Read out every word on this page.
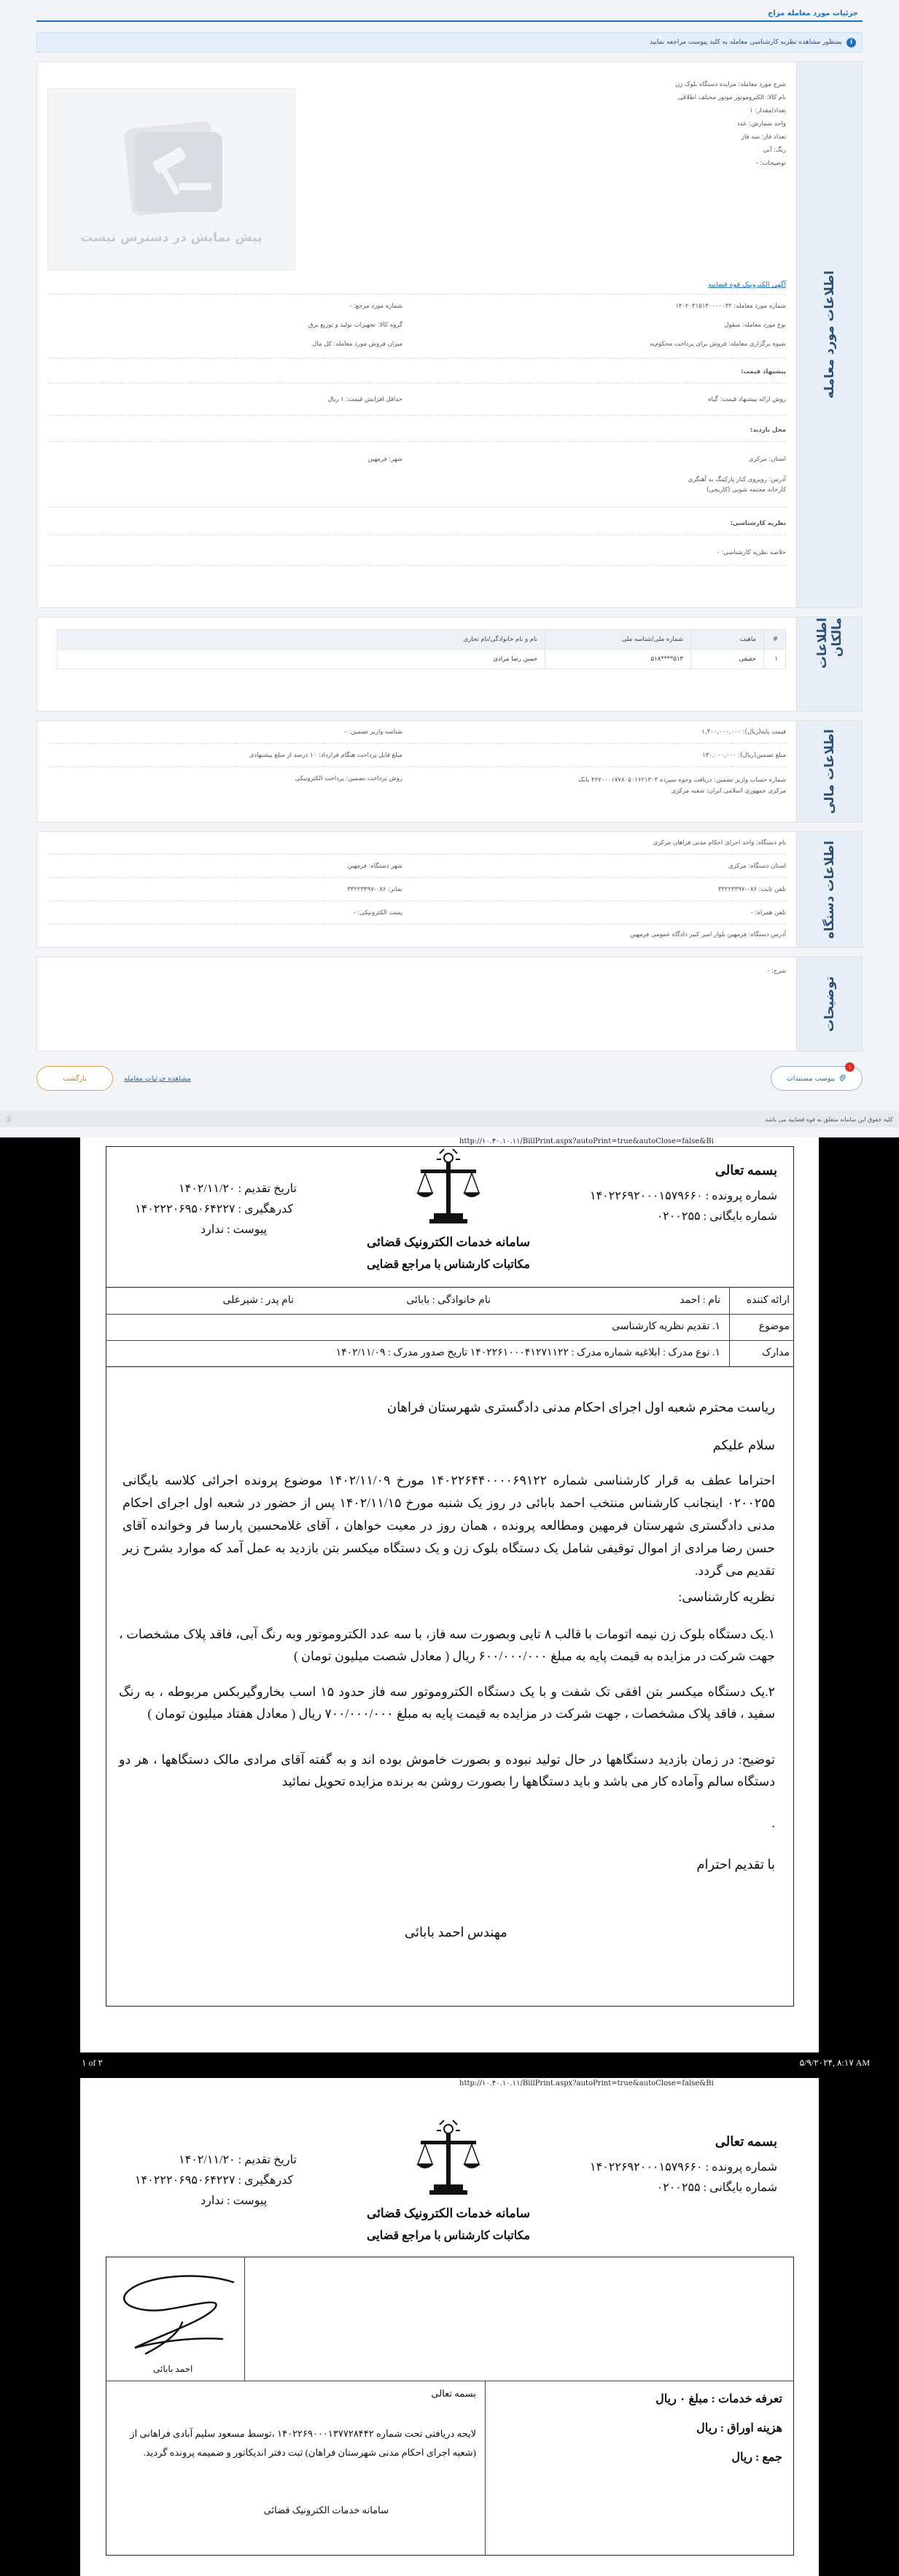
جزئیات مورد معامله مزاج
i
بمنظور مشاهده نظریه کارشناسی معامله به کلید پیوست مراجعه نمایید
اطلاعات مورد معامله
شرح مورد معامله: مزایده دستگاه بلوک زن
نام کالا: الکتروموتور موتور مختلف اطلاقی
تعداد/مقدار: ۱
واحد شمارش: عدد
تعداد فاز: سه فاز
رنگ: آبی
توضیحات: -
پیش نمایش در دسترس نیست
آگهی الکترونیک قوه قضاییه
شماره مورد معامله: ۱۴۰۲۰۳۱۵۱۳۰۰۰۰۰۳۲
شماره مورد مرجع: -
نوع مورد معامله: منقول
گروه کالا: تجهیزات تولید و توزیع برق
شیوه برگزاری معامله: فروش برای پرداخت محکوم‌به
میزان فروش مورد معامله: کل مال
پیشنهاد قیمت:
روش ارائه پیشنهاد قیمت: گیاه
حداقل افزایش قیمت: ۱ ریال
محل بازدید:
استان: مرکزی
شهر: فرمهین
آدرس: روبروی کنار پارکینگ به آهنگری کارخانه مجتمه شوبی (کاریجی)
نظریه کارشناسی:
خلاصه نظریه کارشناسی: -
اطلاعات مالکان
#	ماهیت	شماره ملی/شناسه ملی	نام و نام خانوادگی/نام تجاری
۱	حقیقی	۵۱۳****۵۱۸	حسن رضا مرادی
اطلاعات مالی
قیمت پایه(ریال): ۱,۳۰۰,۰۰۰,۰۰۰
شناسه واریز تضمین: -
مبلغ تضمین(ریال): ۱۳۰,۰۰۰,۰۰۰
مبلغ قابل پرداخت هنگام قرارداد: ۱۰ درصد از مبلغ پیشنهادی
شماره حساب واریز تضمین: دریافت وجوه سپرده ۴۲۷۰۰۰۱۷۷۸۰۵۰۱۶۲۱۳۰۳ بانک مرکزی جمهوری اسلامی ایران: شعبه مرکزی
روش پرداخت تضمین: پرداخت الکترونیکی
اطلاعات دستگاه
نام دستگاه: واحد اجرای احکام مدنی فراهان مرکزی
استان دستگاه: مرکزی
شهر دستگاه: فرمهین
تلفن ثابت: ۰۸۶-۳۳۲۲۳۳۹۷
نمابر: ۰۸۶-۳۳۲۲۳۳۹۷
تلفن همراه: -
پست الکترونیکی: -
آدرس دستگاه: فرمهین بلوار امیر کبیر دادگاه عمومی فرمهین
توضیحات
شرح: -
۱
پیوست مستندات
مشاهده جزئیات معامله
بازگشت
کلیه حقوق این سامانه متعلق به قوه قضاییه می باشد
ⓘ
http://۱۰.۴۰.۱۰.۱۱/BillPrint.aspx?autoPrint=true&autoClose=false&Bi
بسمه تعالی
شماره پرونده : ۱۴۰۲۲۶۹۲۰۰۰۱۵۷۹۶۶۰
شماره بایگانی : ۰۲۰۰۲۵۵
سامانه خدمات الکترونیک قضائی
مکاتبات کارشناس با مراجع قضایی
تاریخ تقدیم : ۱۴۰۲/۱۱/۲۰
کدرهگیری : ۱۴۰۲۲۲۰۶۹۵۰۶۴۲۲۷
پیوست : ندارد
ارائه کننده
نام : احمد
نام خانوادگی : بابائی
نام پدر : شیرعلی
موضوع
۱. تقدیم نظریه کارشناسی
مدارک
۱. نوع مدرک : ابلاغیه شماره مدرک : ۱۴۰۲۲۶۱۰۰۰۴۱۲۷۱۱۲۲ تاریخ صدور مدرک : ۱۴۰۲/۱۱/۰۹
ریاست محترم شعبه اول اجرای احکام مدنی دادگستری شهرستان فراهان
سلام علیکم
احتراما عطف به قرار کارشناسی شماره ۱۴۰۲۲۶۴۴۰۰۰۰۶۹۱۲۲ مورخ ۱۴۰۲/۱۱/۰۹ موضوع پرونده اجرائی کلاسه بایگانی ۰۲۰۰۲۵۵ اینجانب کارشناس منتخب احمد بابائی در روز یک شنبه مورخ ۱۴۰۲/۱۱/۱۵ پس از حضور در شعبه اول اجرای احکام مدنی دادگستری شهرستان فرمهین ومطالعه پرونده ، همان روز در معیت خواهان ، آقای غلامحسین پارسا فر وخوانده آقای حسن رضا مرادی از اموال توقیفی شامل یک دستگاه بلوک زن و یک دستگاه میکسر بتن بازدید به عمل آمد که موارد بشرح زیر تقدیم می گردد.
نظریه کارشناسی:
۱.یک دستگاه بلوک زن نیمه اتومات با قالب ۸ تایی وبصورت سه فاز، با سه عدد الکتروموتور وبه رنگ آبی، فاقد پلاک مشخصات ، جهت شرکت در مزایده به قیمت پایه به مبلغ ۶۰۰/۰۰۰/۰۰۰ ریال ( معادل شصت میلیون تومان )
۲.یک دستگاه میکسر بتن افقی تک شفت و با یک دستگاه الکتروموتور سه فاز حدود ۱۵ اسب بخاروگیربکس مربوطه ، به رنگ سفید ، فاقد پلاک مشخصات ، جهت شرکت در مزایده به قیمت پایه به مبلغ ۷۰۰/۰۰۰/۰۰۰ ریال ( معادل هفتاد میلیون تومان )
توضیح: در زمان بازدید دستگاهها در حال تولید نبوده و بصورت خاموش بوده اند و به گفته آقای مرادی مالک دستگاهها ، هر دو دستگاه سالم وآماده کار می باشد و باید دستگاهها را بصورت روشن به برنده مزایده تحویل نمائید
.
با تقدیم احترام
مهندس احمد بابائی
۱ of ۲	۵/۹/۲۰۲۴, ۸:۱۷ AM
http://۱۰.۴۰.۱۰.۱۱/BillPrint.aspx?autoPrint=true&autoClose=false&Bi
بسمه تعالی
شماره پرونده : ۱۴۰۲۲۶۹۲۰۰۰۱۵۷۹۶۶۰
شماره بایگانی : ۰۲۰۰۲۵۵
سامانه خدمات الکترونیک قضائی
مکاتبات کارشناس با مراجع قضایی
تاریخ تقدیم : ۱۴۰۲/۱۱/۲۰
کدرهگیری : ۱۴۰۲۲۲۰۶۹۵۰۶۴۲۲۷
پیوست : ندارد
احمد بابائی
تعرفه خدمات : مبلغ ۰ ریال
هزینه اوراق : ریال
جمع : ریال
بسمه تعالی
لایحه دریافتی تحت شماره ۱۴۰۲۲۶۹۰۰۰۱۳۷۷۲۸۴۴۲ ،توسط مسعود سلیم آبادی فراهانی از (شعبه اجرای احکام مدنی شهرستان فراهان) ثبت دفتر اندیکاتور و ضمیمه پرونده گردید.
سامانه خدمات الکترونیک قضائی
